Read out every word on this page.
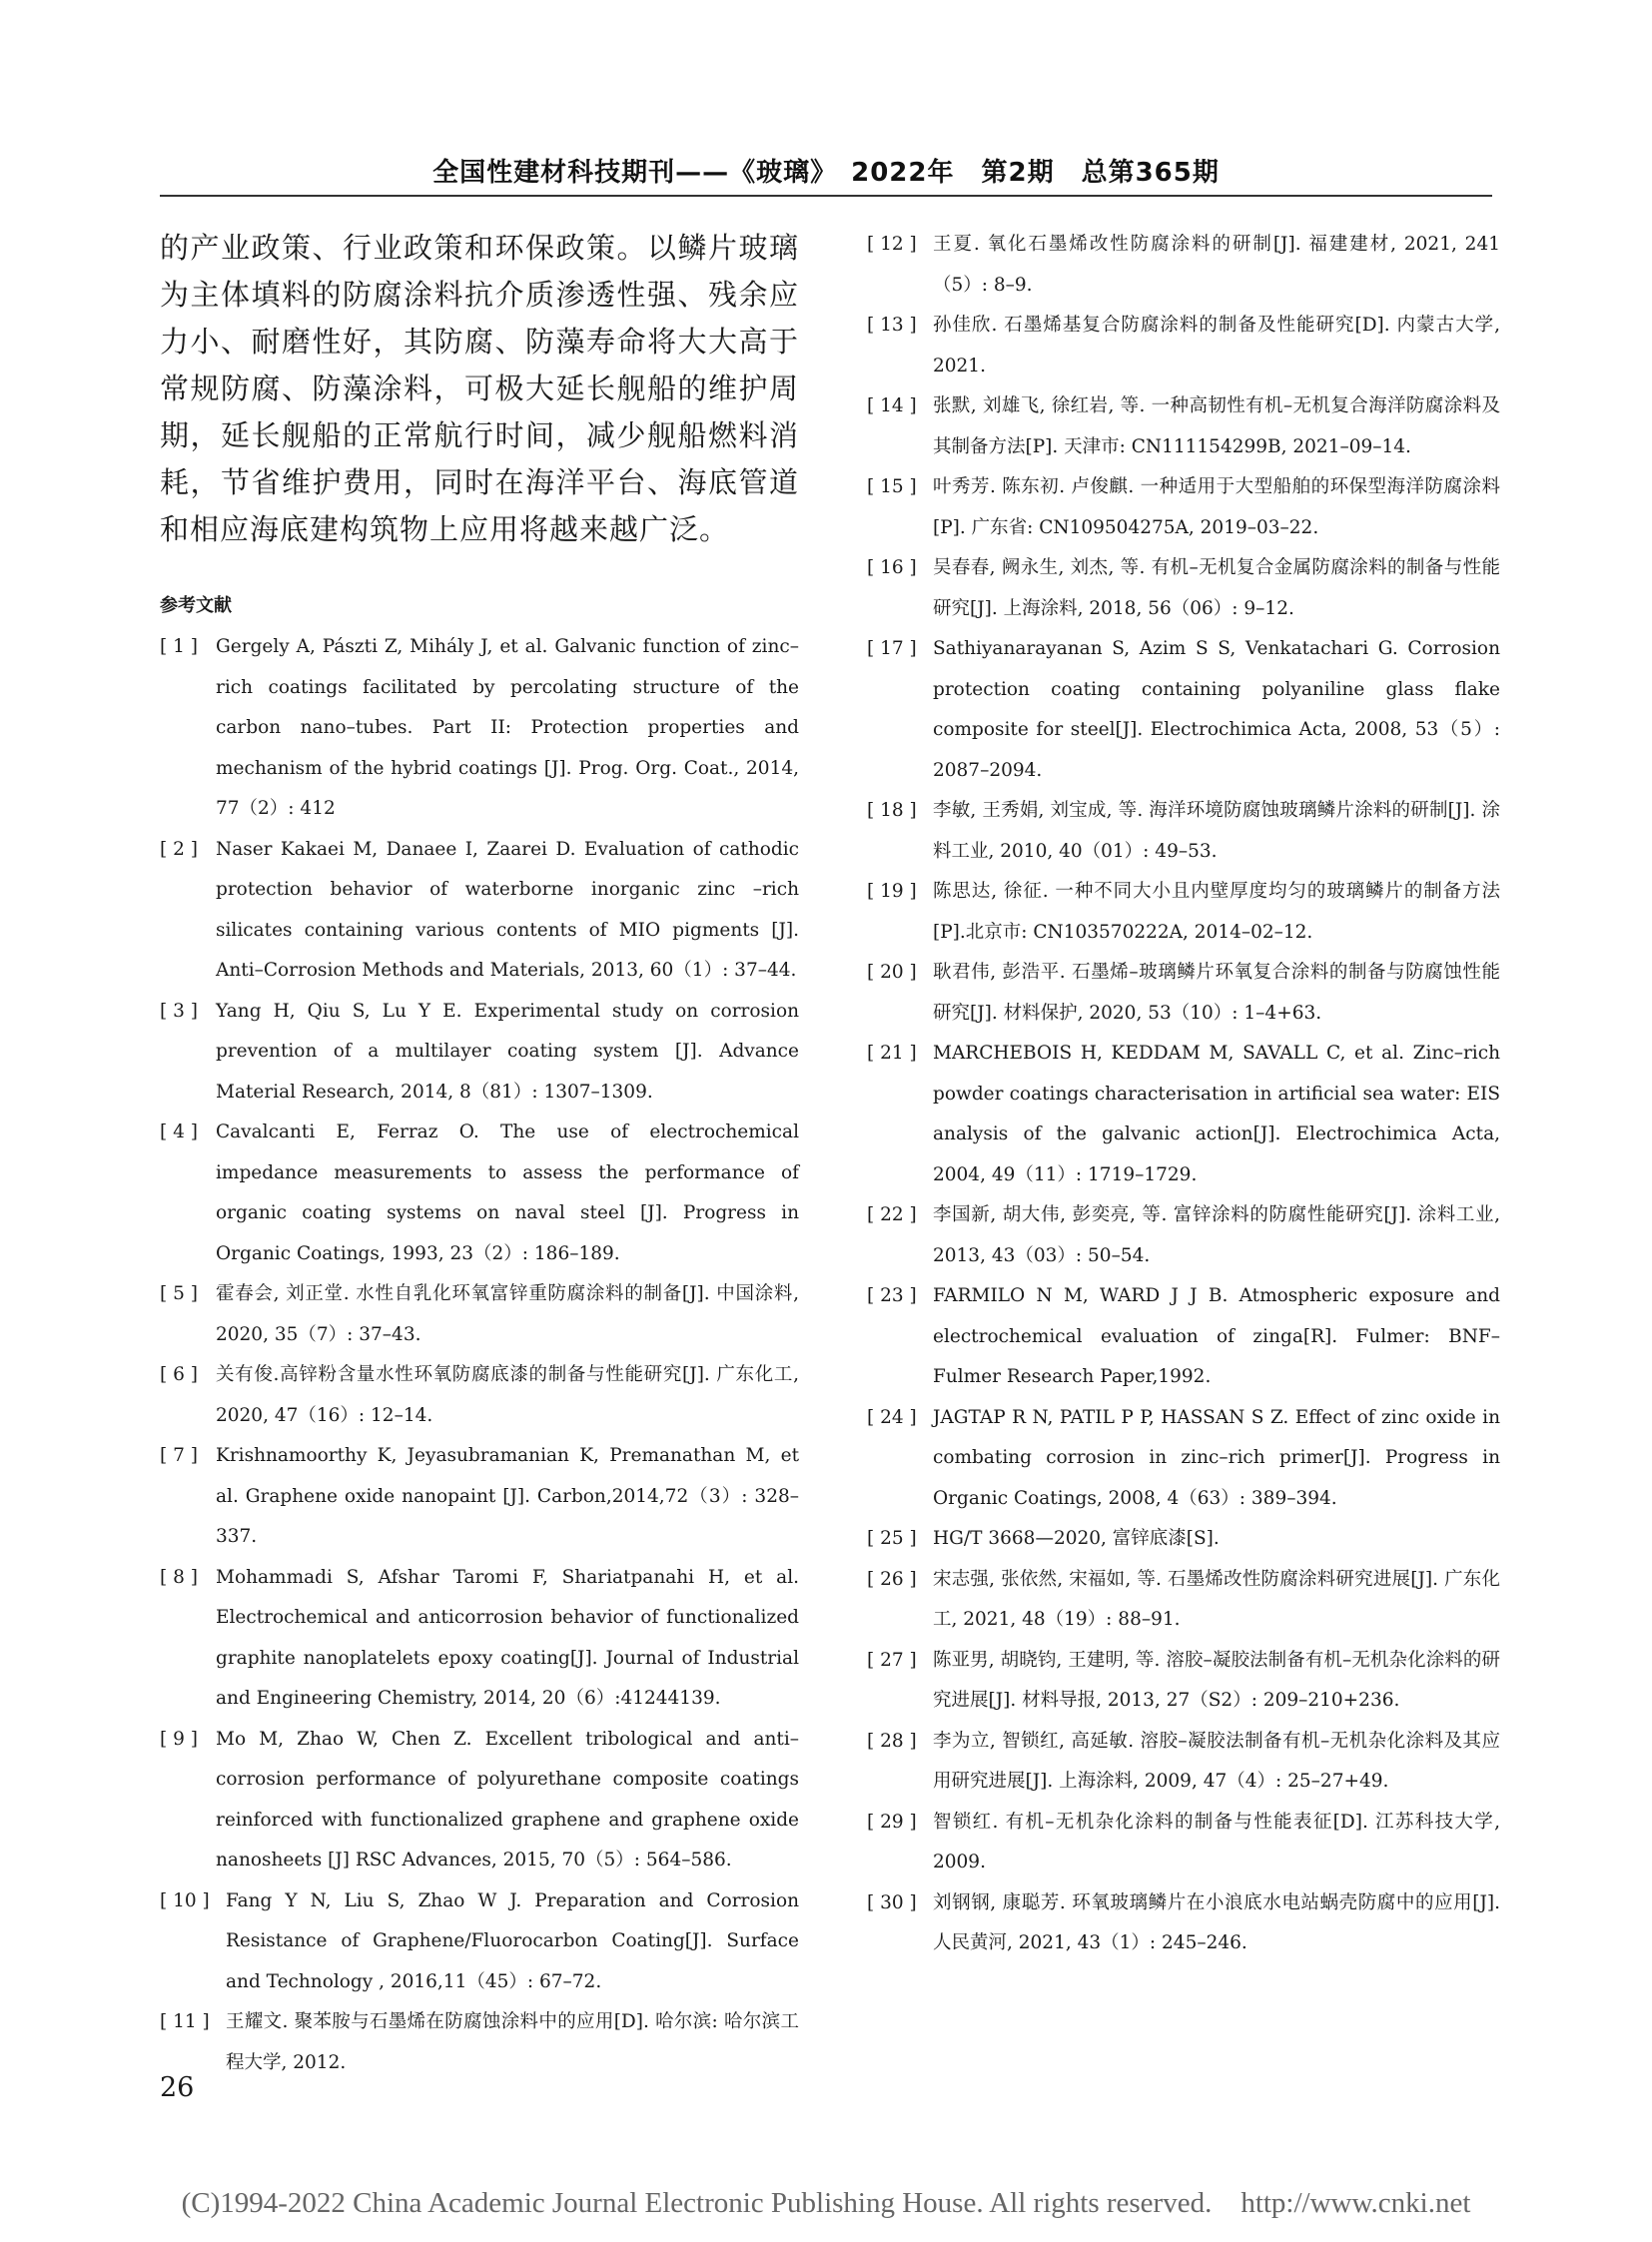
全国性建材科技期刊——《玻璃》　2022年　第2期　总第365期

的产业政策、行业政策和环保政策。以鳞片玻璃为主体填料的防腐涂料抗介质渗透性强、残余应力小、耐磨性好，其防腐、防藻寿命将大大高于常规防腐、防藻涂料，可极大延长舰船的维护周期，延长舰船的正常航行时间，减少舰船燃料消耗，节省维护费用，同时在海洋平台、海底管道和相应海底建构筑物上应用将越来越广泛。

参考文献
[ 1 ] Gergely A, Pászti Z, Mihály J, et al. Galvanic function of zinc–rich coatings facilitated by percolating structure of the carbon nano–tubes. Part II: Protection properties and mechanism of the hybrid coatings [J]. Prog. Org. Coat., 2014, 77（2）: 412
[ 2 ] Naser Kakaei M, Danaee I, Zaarei D. Evaluation of cathodic protection behavior of waterborne inorganic zinc –rich silicates containing various contents of MIO pigments [J]. Anti–Corrosion Methods and Materials, 2013, 60（1）: 37–44.
[ 3 ] Yang H, Qiu S, Lu Y E. Experimental study on corrosion prevention of a multilayer coating system [J]. Advance Material Research, 2014, 8（81）: 1307–1309.
[ 4 ] Cavalcanti E, Ferraz O. The use of electrochemical impedance measurements to assess the performance of organic coating systems on naval steel [J]. Progress in Organic Coatings, 1993, 23（2）: 186–189.
[ 5 ] 霍春会, 刘正堂. 水性自乳化环氧富锌重防腐涂料的制备[J]. 中国涂料, 2020, 35（7）: 37–43.
[ 6 ] 关有俊.高锌粉含量水性环氧防腐底漆的制备与性能研究[J]. 广东化工, 2020, 47（16）: 12–14.
[ 7 ] Krishnamoorthy K, Jeyasubramanian K, Premanathan M, et al. Graphene oxide nanopaint [J]. Carbon,2014,72（3）: 328–337.
[ 8 ] Mohammadi S, Afshar Taromi F, Shariatpanahi H, et al. Electrochemical and anticorrosion behavior of functionalized graphite nanoplatelets epoxy coating[J]. Journal of Industrial and Engineering Chemistry, 2014, 20（6）:41244139.
[ 9 ] Mo M, Zhao W, Chen Z. Excellent tribological and anti–corrosion performance of polyurethane composite coatings reinforced with functionalized graphene and graphene oxide nanosheets [J] RSC Advances, 2015, 70（5）: 564–586.
[ 10 ] Fang Y N, Liu S, Zhao W J. Preparation and Corrosion Resistance of Graphene/Fluorocarbon Coating[J]. Surface and Technology , 2016,11（45）: 67–72.
[ 11 ] 王耀文. 聚苯胺与石墨烯在防腐蚀涂料中的应用[D]. 哈尔滨: 哈尔滨工程大学, 2012.
[ 12 ] 王夏. 氧化石墨烯改性防腐涂料的研制[J]. 福建建材, 2021, 241（5）: 8–9.
[ 13 ] 孙佳欣. 石墨烯基复合防腐涂料的制备及性能研究[D]. 内蒙古大学, 2021.
[ 14 ] 张默, 刘雄飞, 徐红岩, 等. 一种高韧性有机–无机复合海洋防腐涂料及其制备方法[P]. 天津市: CN111154299B, 2021–09–14.
[ 15 ] 叶秀芳. 陈东初. 卢俊麒. 一种适用于大型船舶的环保型海洋防腐涂料[P]. 广东省: CN109504275A, 2019–03–22.
[ 16 ] 吴春春, 阙永生, 刘杰, 等. 有机–无机复合金属防腐涂料的制备与性能研究[J]. 上海涂料, 2018, 56（06）: 9–12.
[ 17 ] Sathiyanarayanan S, Azim S S, Venkatachari G. Corrosion protection coating containing polyaniline glass flake composite for steel[J]. Electrochimica Acta, 2008, 53（5）: 2087–2094.
[ 18 ] 李敏, 王秀娟, 刘宝成, 等. 海洋环境防腐蚀玻璃鳞片涂料的研制[J]. 涂料工业, 2010, 40（01）: 49–53.
[ 19 ] 陈思达, 徐征. 一种不同大小且内壁厚度均匀的玻璃鳞片的制备方法[P].北京市: CN103570222A, 2014–02–12.
[ 20 ] 耿君伟, 彭浩平. 石墨烯–玻璃鳞片环氧复合涂料的制备与防腐蚀性能研究[J]. 材料保护, 2020, 53（10）: 1–4+63.
[ 21 ] MARCHEBOIS H, KEDDAM M, SAVALL C, et al. Zinc–rich powder coatings characterisation in artificial sea water: EIS analysis of the galvanic action[J]. Electrochimica Acta, 2004, 49（11）: 1719–1729.
[ 22 ] 李国新, 胡大伟, 彭奕亮, 等. 富锌涂料的防腐性能研究[J]. 涂料工业, 2013, 43（03）: 50–54.
[ 23 ] FARMILO N M, WARD J J B. Atmospheric exposure and electrochemical evaluation of zinga[R]. Fulmer: BNF–Fulmer Research Paper,1992.
[ 24 ] JAGTAP R N, PATIL P P, HASSAN S Z. Effect of zinc oxide in combating corrosion in zinc–rich primer[J]. Progress in Organic Coatings, 2008, 4（63）: 389–394.
[ 25 ] HG/T 3668—2020, 富锌底漆[S].
[ 26 ] 宋志强, 张依然, 宋福如, 等. 石墨烯改性防腐涂料研究进展[J]. 广东化工, 2021, 48（19）: 88–91.
[ 27 ] 陈亚男, 胡晓钧, 王建明, 等. 溶胶–凝胶法制备有机–无机杂化涂料的研究进展[J]. 材料导报, 2013, 27（S2）: 209–210+236.
[ 28 ] 李为立, 智锁红, 高延敏. 溶胶–凝胶法制备有机–无机杂化涂料及其应用研究进展[J]. 上海涂料, 2009, 47（4）: 25–27+49.
[ 29 ] 智锁红. 有机–无机杂化涂料的制备与性能表征[D]. 江苏科技大学, 2009.
[ 30 ] 刘钢钢, 康聪芳. 环氧玻璃鳞片在小浪底水电站蜗壳防腐中的应用[J]. 人民黄河, 2021, 43（1）: 245–246.
26
(C)1994-2022 China Academic Journal Electronic Publishing House. All rights reserved.　http://www.cnki.net
